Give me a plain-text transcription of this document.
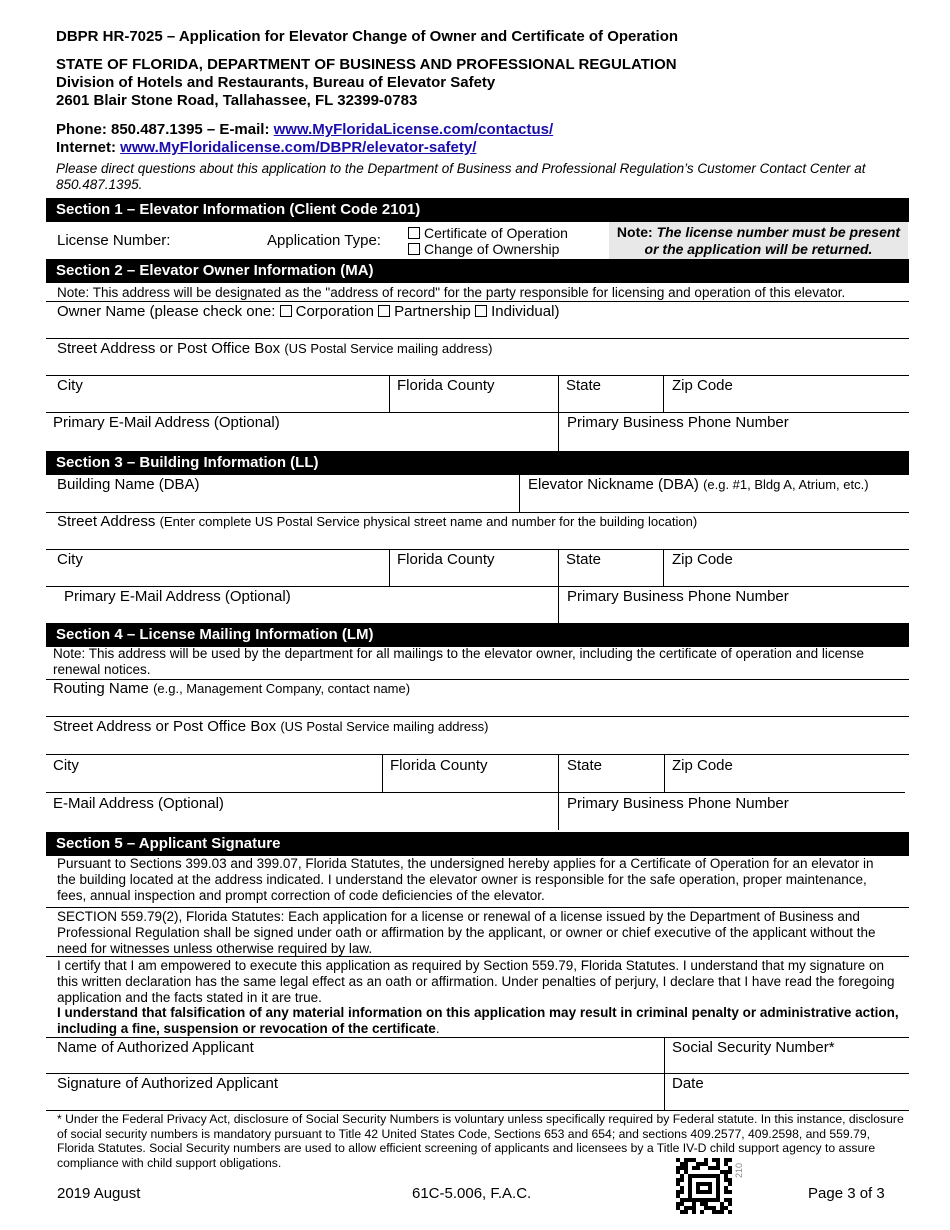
DBPR HR-7025 – Application for Elevator Change of Owner and Certificate of Operation
STATE OF FLORIDA, DEPARTMENT OF BUSINESS AND PROFESSIONAL REGULATION
Division of Hotels and Restaurants, Bureau of Elevator Safety
2601 Blair Stone Road, Tallahassee, FL 32399-0783
Phone: 850.487.1395 – E-mail: www.MyFloridaLicense.com/contactus/
Internet: www.MyFloridalicense.com/DBPR/elevator-safety/
Please direct questions about this application to the Department of Business and Professional Regulation’s Customer Contact Center at 850.487.1395.
Section 1 – Elevator Information (Client Code 2101)
License Number:	Application Type:	Certificate of Operation
Change of Ownership
Note: The license number must be present
or the application will be returned.
Section 2 – Elevator Owner Information (MA)
Note: This address will be designated as the "address of record" for the party responsible for licensing and operation of this elevator.
Owner Name (please check one: Corporation Partnership Individual)
Street Address or Post Office Box (US Postal Service mailing address)
City	Florida County	State	Zip Code
Primary E-Mail Address (Optional)	Primary Business Phone Number
Section 3 – Building Information (LL)
Building Name (DBA)	Elevator Nickname (DBA) (e.g. #1, Bldg A, Atrium, etc.)
Street Address (Enter complete US Postal Service physical street name and number for the building location)
City	Florida County	State	Zip Code
Primary E-Mail Address (Optional)	Primary Business Phone Number
Section 4 – License Mailing Information (LM)
Note: This address will be used by the department for all mailings to the elevator owner, including the certificate of operation and license renewal notices.
Routing Name (e.g., Management Company, contact name)
Street Address or Post Office Box (US Postal Service mailing address)
City	Florida County	State	Zip Code
E-Mail Address (Optional)	Primary Business Phone Number
Section 5 – Applicant Signature
Pursuant to Sections 399.03 and 399.07, Florida Statutes, the undersigned hereby applies for a Certificate of Operation for an elevator in the building located at the address indicated. I understand the elevator owner is responsible for the safe operation, proper maintenance, fees, annual inspection and prompt correction of code deficiencies of the elevator.
SECTION 559.79(2), Florida Statutes: Each application for a license or renewal of a license issued by the Department of Business and Professional Regulation shall be signed under oath or affirmation by the applicant, or owner or chief executive of the applicant without the need for witnesses unless otherwise required by law.
I certify that I am empowered to execute this application as required by Section 559.79, Florida Statutes. I understand that my signature on this written declaration has the same legal effect as an oath or affirmation. Under penalties of perjury, I declare that I have read the foregoing application and the facts stated in it are true.
I understand that falsification of any material information on this application may result in criminal penalty or administrative action, including a fine, suspension or revocation of the certificate.
Name of Authorized Applicant	Social Security Number*
Signature of Authorized Applicant	Date
* Under the Federal Privacy Act, disclosure of Social Security Numbers is voluntary unless specifically required by Federal statute. In this instance, disclosure of social security numbers is mandatory pursuant to Title 42 United States Code, Sections 653 and 654; and sections 409.2577, 409.2598, and 559.79, Florida Statutes. Social Security numbers are used to allow efficient screening of applicants and licensees by a Title IV-D child support agency to assure compliance with child support obligations.
2019 August	61C-5.006, F.A.C.
210
Page 3 of 3
